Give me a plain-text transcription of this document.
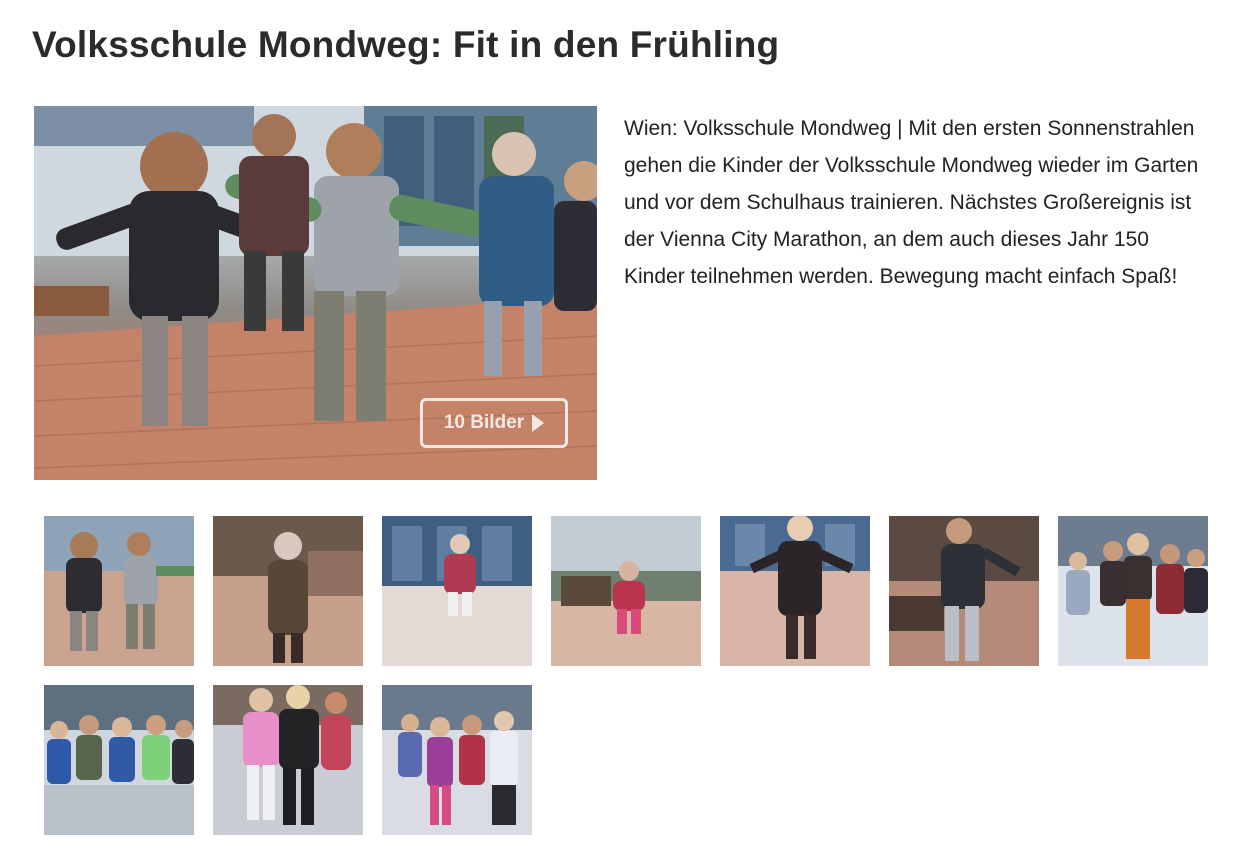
Volksschule Mondweg: Fit in den Frühling
10 Bilder

Wien: Volksschule Mondweg | Mit den ersten Sonnenstrahlen gehen die Kinder der Volksschule Mondweg wieder im Garten und vor dem Schulhaus trainieren. Nächstes Großereignis ist der Vienna City Marathon, an dem auch dieses Jahr 150 Kinder teilnehmen werden. Bewegung macht einfach Spaß!
